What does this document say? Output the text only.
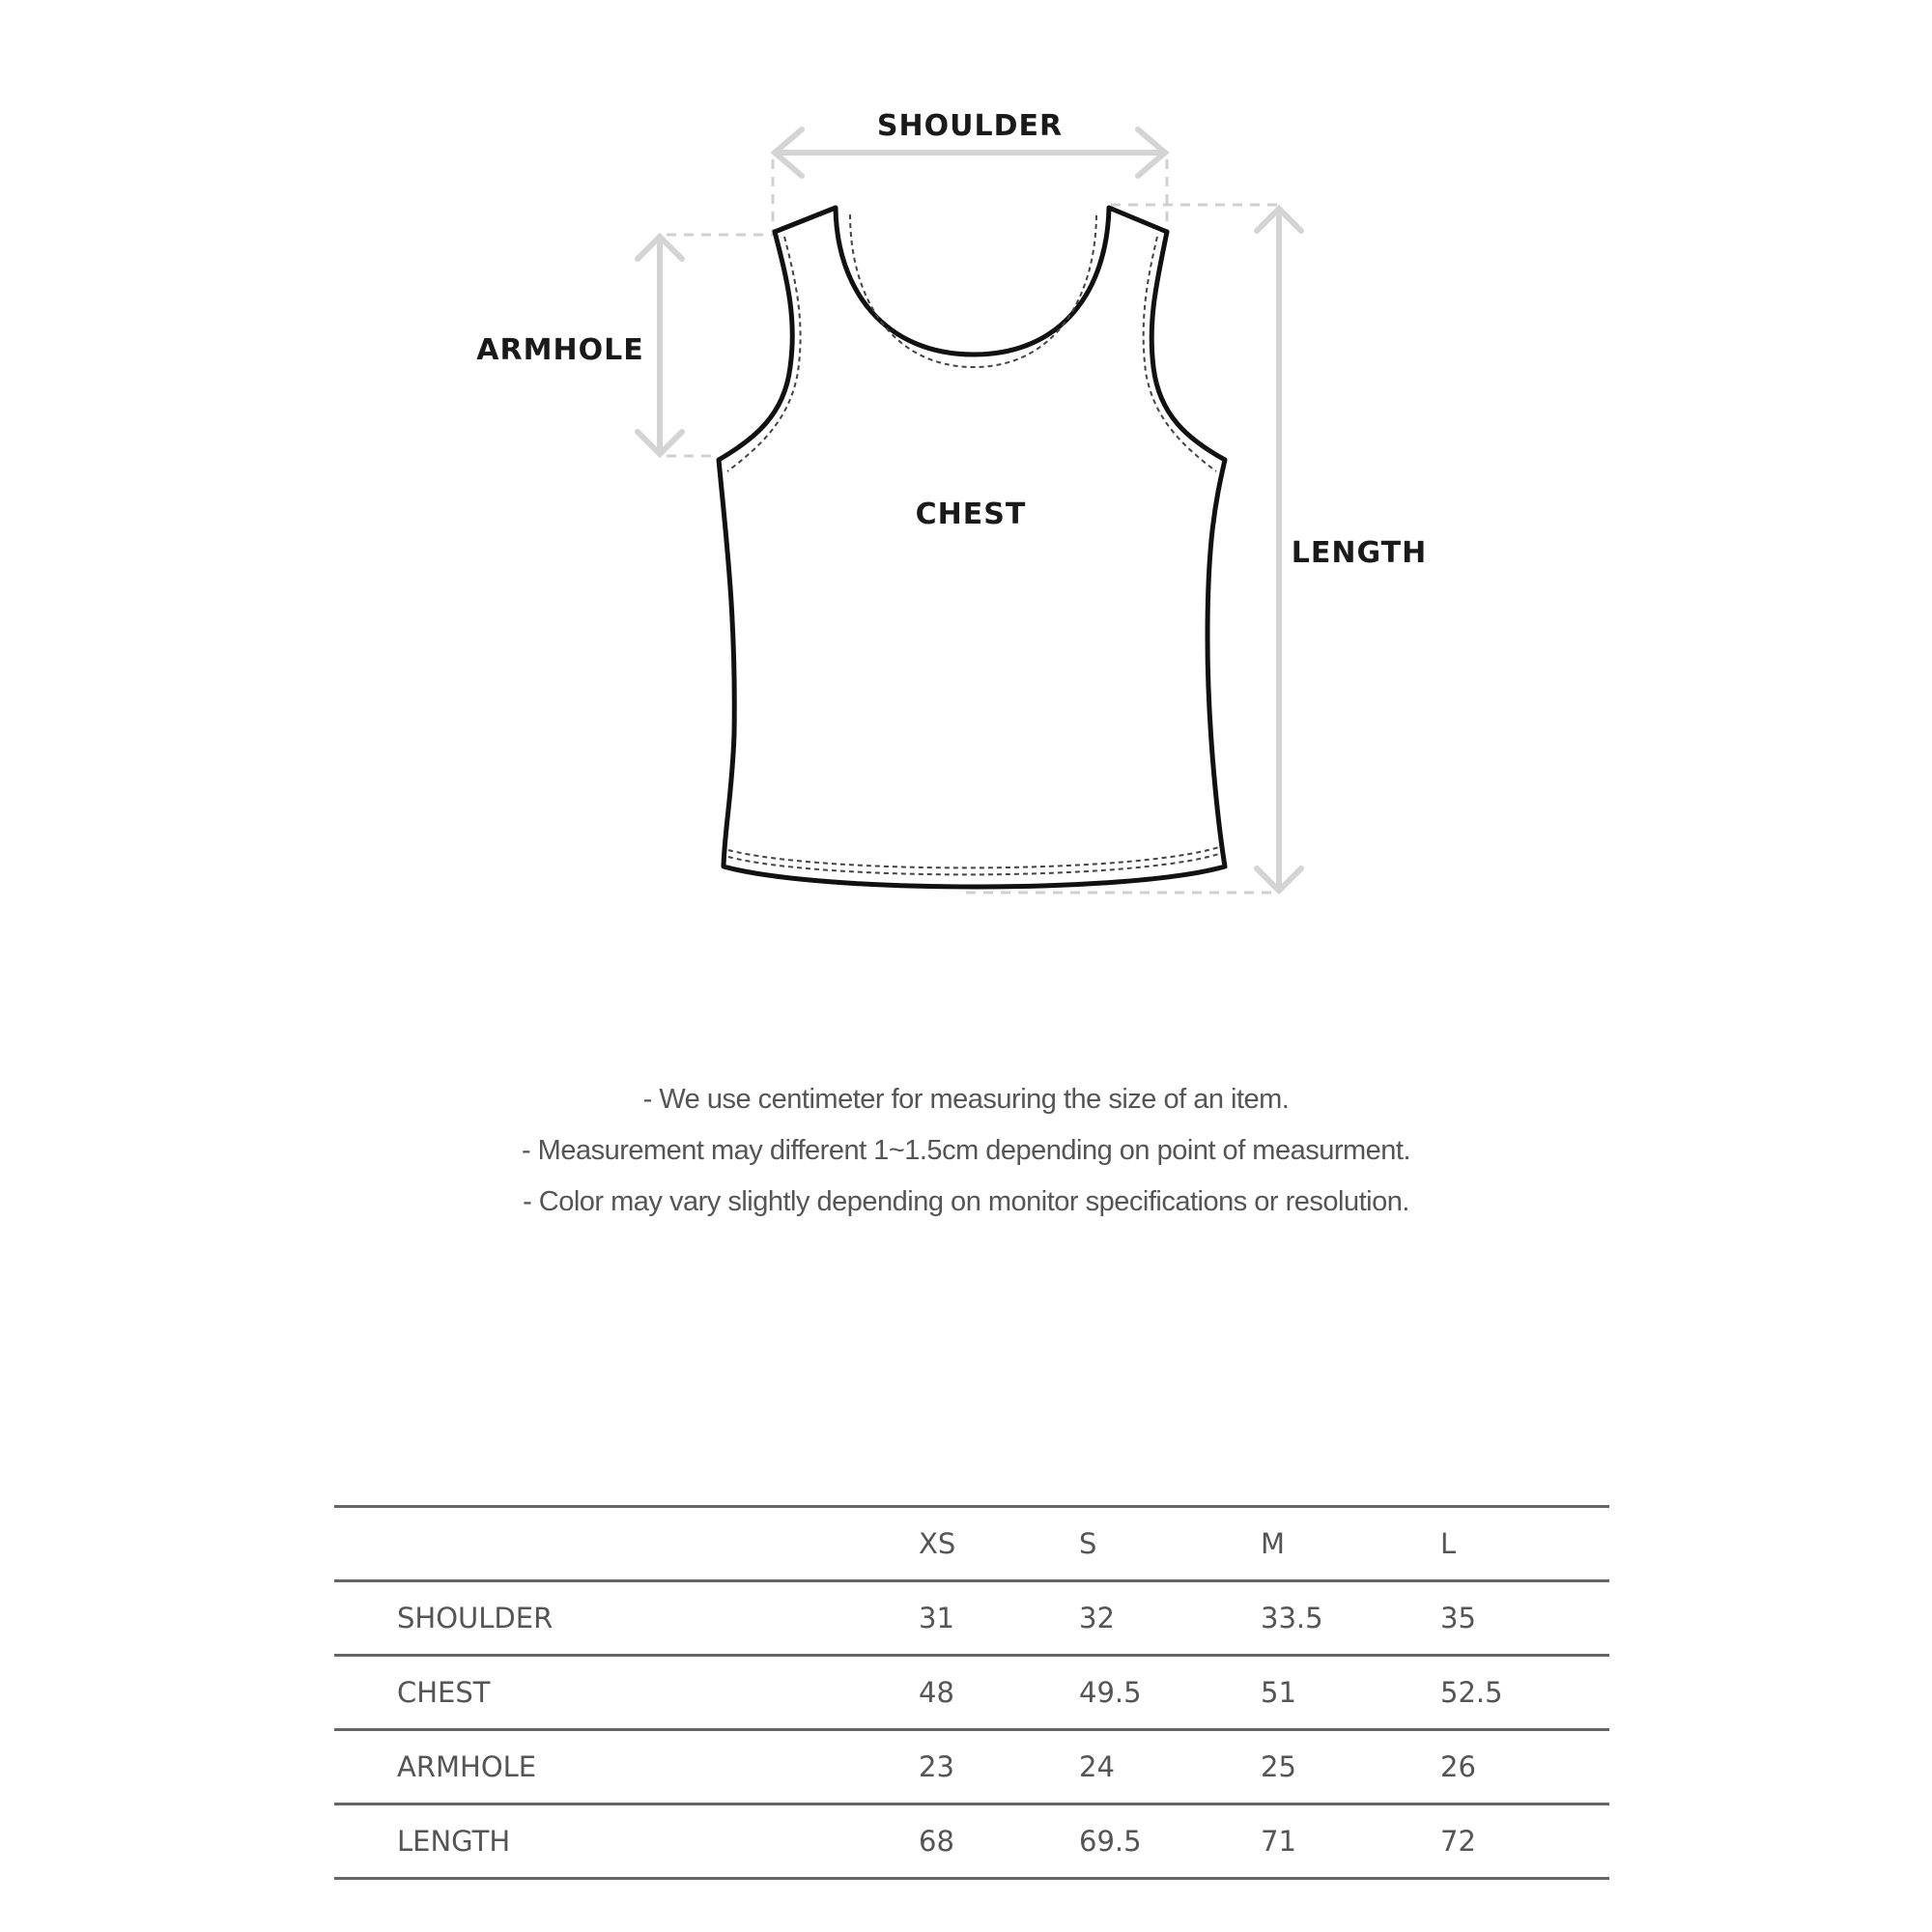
SHOULDER
ARMHOLE
CHEST
LENGTH
- We use centimeter for measuring the size of an item.
- Measurement may different 1~1.5cm depending on point of measurment.
- Color may vary slightly depending on monitor specifications or resolution.
	XS	S	M	L
SHOULDER	31	32	33.5	35
CHEST	48	49.5	51	52.5
ARMHOLE	23	24	25	26
LENGTH	68	69.5	71	72
